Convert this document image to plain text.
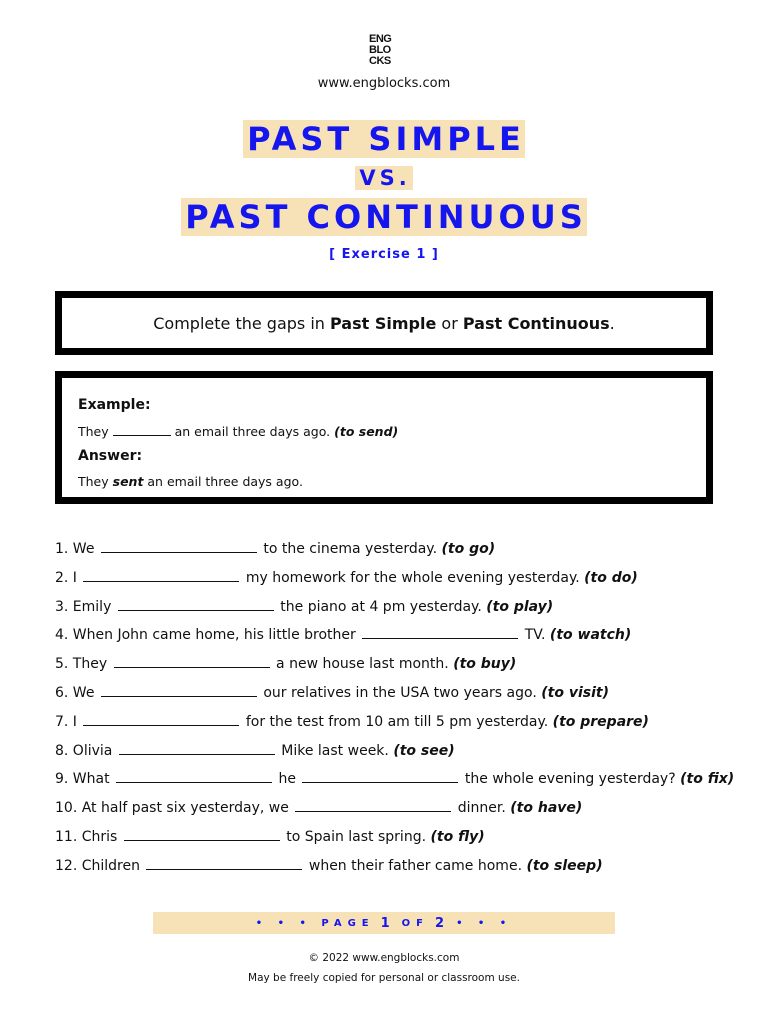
ENG
BLO
CKS
www.engblocks.com
PAST SIMPLE
VS.
PAST CONTINUOUS
[ Exercise 1 ]
Complete the gaps in Past Simple or Past Continuous.
Example:
They	an email three days ago. (to send)
Answer:
They sent an email three days ago.
1. We	to the cinema yesterday. (to go)
2. I	my homework for the whole evening yesterday. (to do)
3. Emily	the piano at 4 pm yesterday. (to play)
4. When John came home, his little brother	TV. (to watch)
5. They	a new house last month. (to buy)
6. We	our relatives in the USA two years ago. (to visit)
7. I	for the test from 10 am till 5 pm yesterday. (to prepare)
8. Olivia	Mike last week. (to see)
9. What	he	the whole evening yesterday? (to fix)
10. At half past six yesterday, we	dinner. (to have)
11. Chris	to Spain last spring. (to fly)
12. Children	when their father came home. (to sleep)
• • •
PAGE 1 OF 2 • • •
© 2022 www.engblocks.com
May be freely copied for personal or classroom use.
